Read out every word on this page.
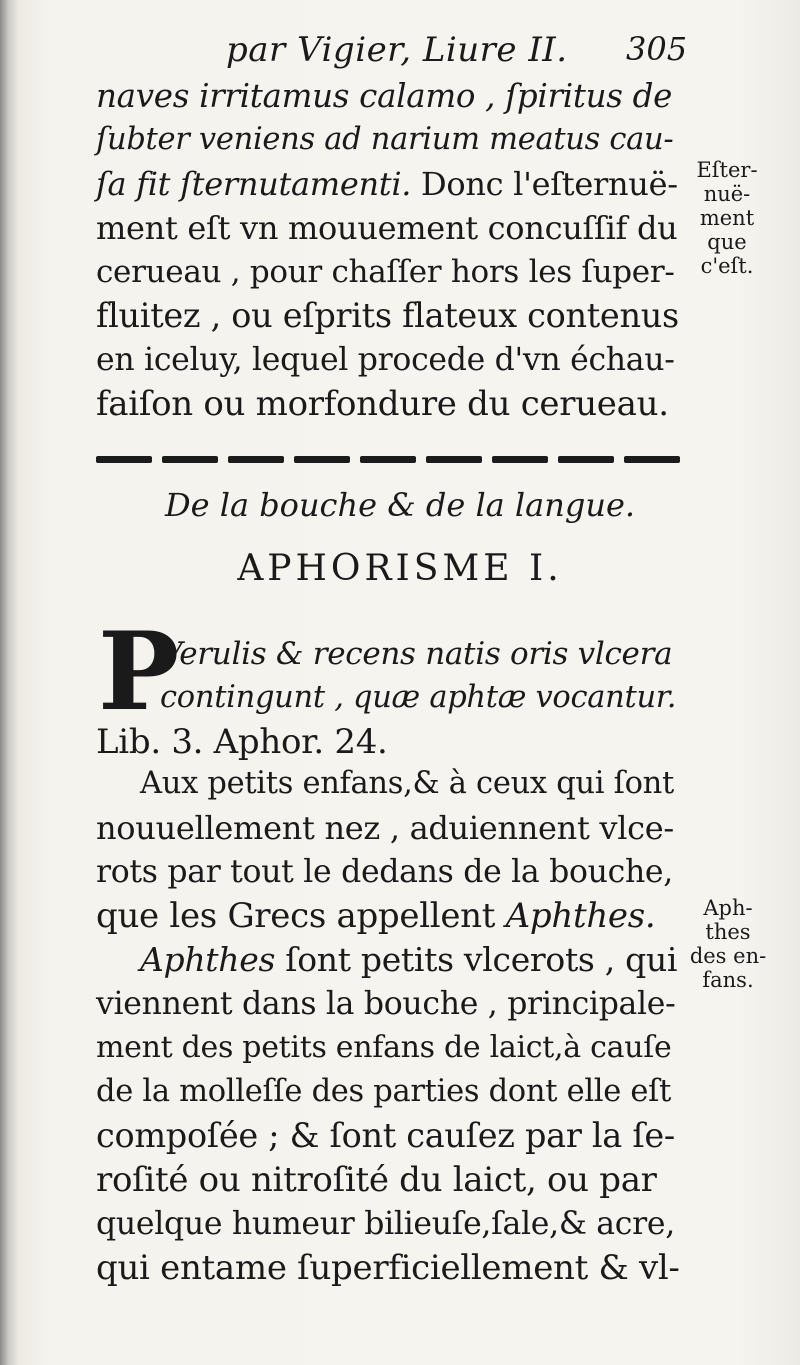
par Vigier, Liure II. 305
naves irritamus calamo , ſpiritus de
ſubter veniens ad narium meatus cau-
ſa fit ſternutamenti. Donc l'eſternuë-
ment eſt vn mouuement concuſſif du
cerueau , pour chaſſer hors les ſuper-
fluitez , ou eſprits flateux contenus
en iceluy, lequel procede d'vn échau-
faiſon ou morfondure du cerueau.
Eſter-
nuë-
ment
que
c'eſt.
De la bouche & de la langue.
APHORISME I.
P
Verulis & recens natis oris vlcera
contingunt , quæ aphtæ vocantur.
Lib. 3. Aphor. 24.
Aux petits enfans,& à ceux qui ſont
nouuellement nez , aduiennent vlce-
rots par tout le dedans de la bouche,
que les Grecs appellent Aphthes.
Aphthes ſont petits vlcerots , qui
viennent dans la bouche , principale-
ment des petits enfans de laict,à cauſe
de la molleſſe des parties dont elle eſt
compoſée ; & ſont cauſez par la ſe-
roſité ou nitroſité du laict, ou par
quelque humeur bilieuſe,ſale,& acre,
qui entame ſuperficiellement & vl-
Aph-
thes
des en-
fans.
